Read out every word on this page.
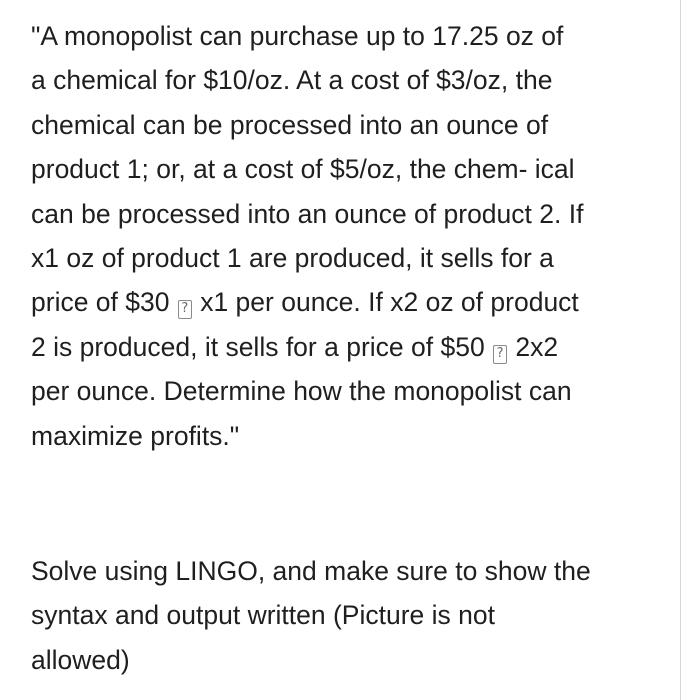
"A monopolist can purchase up to 17.25 oz of
a chemical for $10/oz. At a cost of $3/oz, the
chemical can be processed into an ounce of
product 1; or, at a cost of $5/oz, the chem- ical
can be processed into an ounce of product 2. If
x1 oz of product 1 are produced, it sells for a
price of $30 ? x1 per ounce. If x2 oz of product
2 is produced, it sells for a price of $50 ? 2x2
per ounce. Determine how the monopolist can
maximize profits."
Solve using LINGO, and make sure to show the
syntax and output written (Picture is not
allowed)
